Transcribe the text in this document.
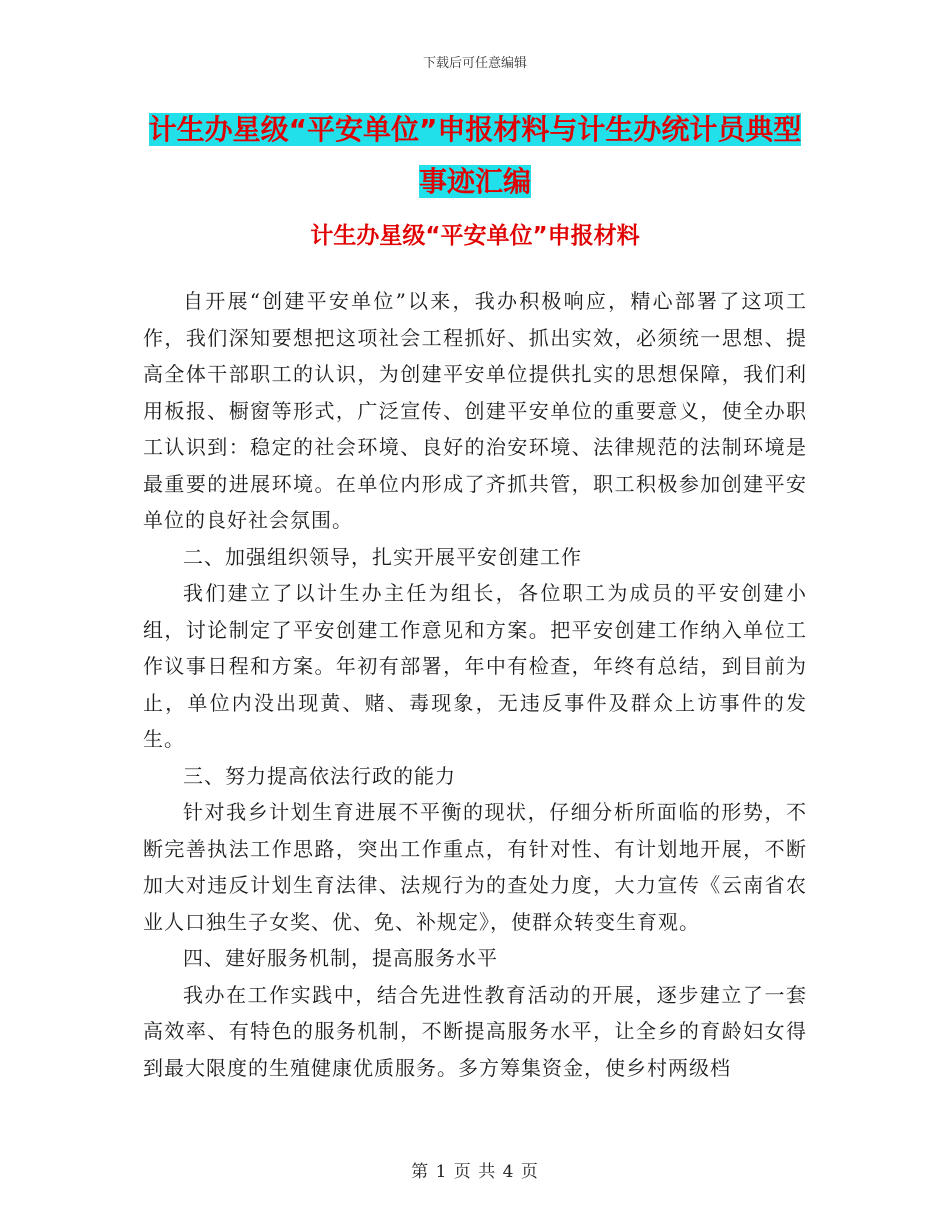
下载后可任意编辑
计生办星级“平安单位”申报材料与计生办统计员典型事迹汇编
计生办星级“平安单位”申报材料

自开展“创建平安单位”以来，我办积极响应，精心部署了这项工作，我们深知要想把这项社会工程抓好、抓出实效，必须统一思想、提高全体干部职工的认识，为创建平安单位提供扎实的思想保障，我们利用板报、橱窗等形式，广泛宣传、创建平安单位的重要意义，使全办职工认识到：稳定的社会环境、良好的治安环境、法律规范的法制环境是最重要的进展环境。在单位内形成了齐抓共管，职工积极参加创建平安单位的良好社会氛围。

二、加强组织领导，扎实开展平安创建工作

我们建立了以计生办主任为组长，各位职工为成员的平安创建小组，讨论制定了平安创建工作意见和方案。把平安创建工作纳入单位工作议事日程和方案。年初有部署，年中有检查，年终有总结，到目前为止，单位内没出现黄、赌、毒现象，无违反事件及群众上访事件的发生。

三、努力提高依法行政的能力

针对我乡计划生育进展不平衡的现状，仔细分析所面临的形势，不断完善执法工作思路，突出工作重点，有针对性、有计划地开展，不断加大对违反计划生育法律、法规行为的查处力度，大力宣传《云南省农业人口独生子女奖、优、免、补规定》，使群众转变生育观。

四、建好服务机制，提高服务水平

我办在工作实践中，结合先进性教育活动的开展，逐步建立了一套高效率、有特色的服务机制，不断提高服务水平，让全乡的育龄妇女得到最大限度的生殖健康优质服务。多方筹集资金，使乡村两级档

第 1 页 共 4 页
